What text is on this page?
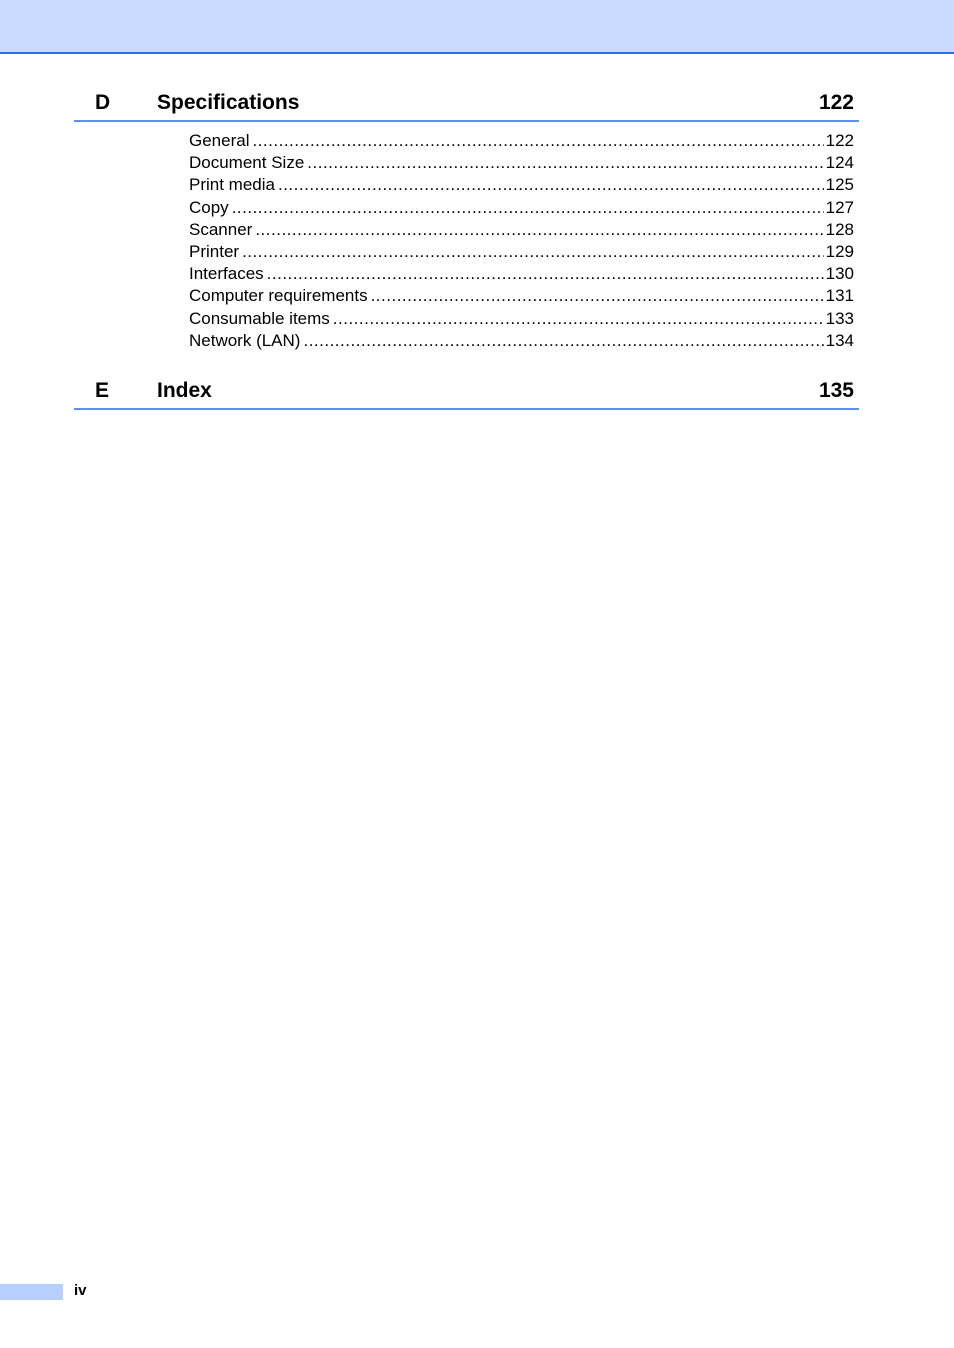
D Specifications	122
General .....	122
Document Size .....	124
Print media .....	125
Copy .....	127
Scanner .....	128
Printer .....	129
Interfaces .....	130
Computer requirements .....	131
Consumable items .....	133
Network (LAN) .....	134
E Index	135
iv
